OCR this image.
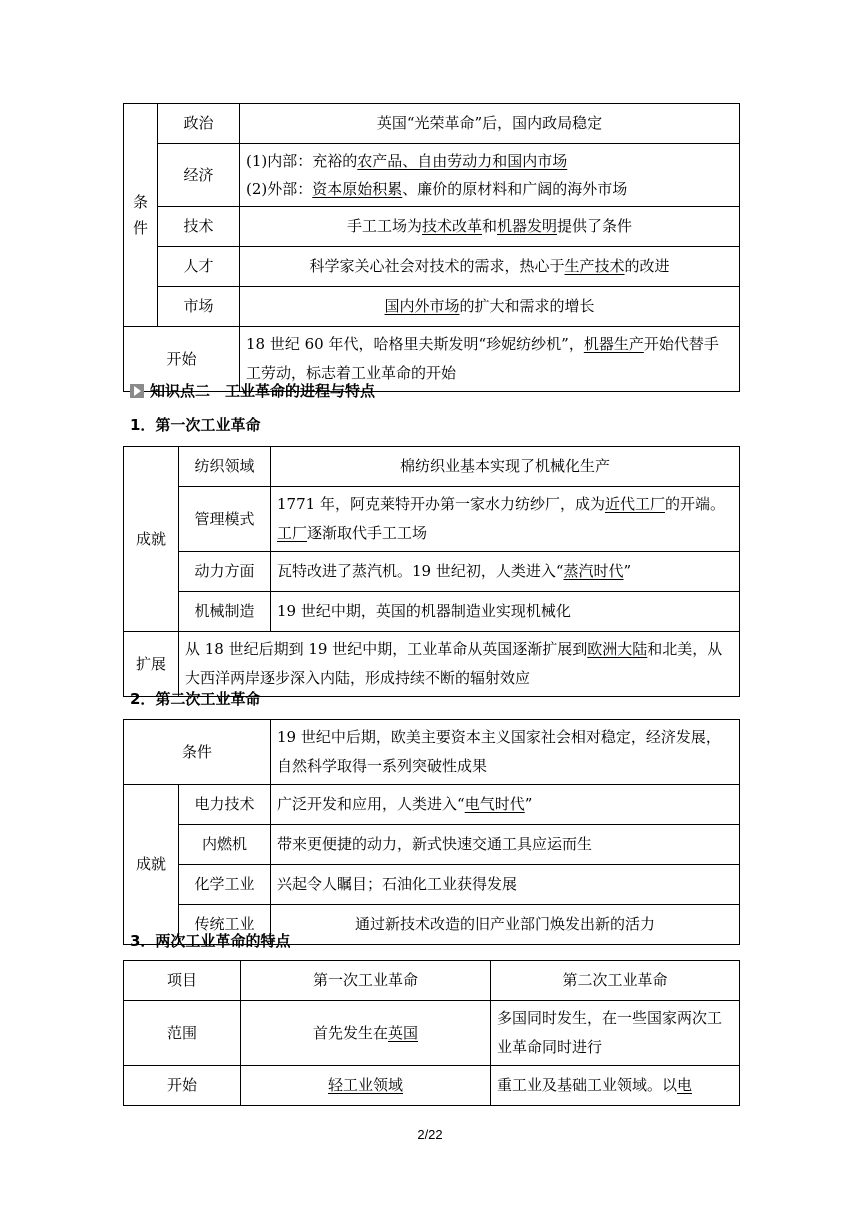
条
件	政治	英国“光荣革命”后，国内政局稳定
	经济	(1)内部：充裕的农产品、自由劳动力和国内市场
(2)外部：资本原始积累、廉价的原材料和广阔的海外市场
	技术	手工工场为技术改革和机器发明提供了条件
	人才	科学家关心社会对技术的需求，热心于生产技术的改进
	市场	国内外市场的扩大和需求的增长
开始		18 世纪 60 年代，哈格里夫斯发明“珍妮纺纱机”，机器生产开始代替手工劳动，标志着工业革命的开始
知识点二　工业革命的进程与特点
1．第一次工业革命
成就	纺织领域	棉纺织业基本实现了机械化生产
	管理模式	1771 年，阿克莱特开办第一家水力纺纱厂，成为近代工厂的开端。工厂逐渐取代手工工场
	动力方面	瓦特改进了蒸汽机。19 世纪初，人类进入“蒸汽时代”
	机械制造	19 世纪中期，英国的机器制造业实现机械化
扩展	从 18 世纪后期到 19 世纪中期，工业革命从英国逐渐扩展到欧洲大陆和北美，从大西洋两岸逐步深入内陆，形成持续不断的辐射效应	
2．第二次工业革命
条件		19 世纪中后期，欧美主要资本主义国家社会相对稳定，经济发展，自然科学取得一系列突破性成果
成就	电力技术	广泛开发和应用，人类进入“电气时代”
	内燃机	带来更便捷的动力，新式快速交通工具应运而生
	化学工业	兴起令人瞩目；石油化工业获得发展
	传统工业	通过新技术改造的旧产业部门焕发出新的活力
3．两次工业革命的特点
项目	第一次工业革命	第二次工业革命
范围	首先发生在英国	多国同时发生，在一些国家两次工业革命同时进行
开始	轻工业领域	重工业及基础工业领域。以电
2/22
